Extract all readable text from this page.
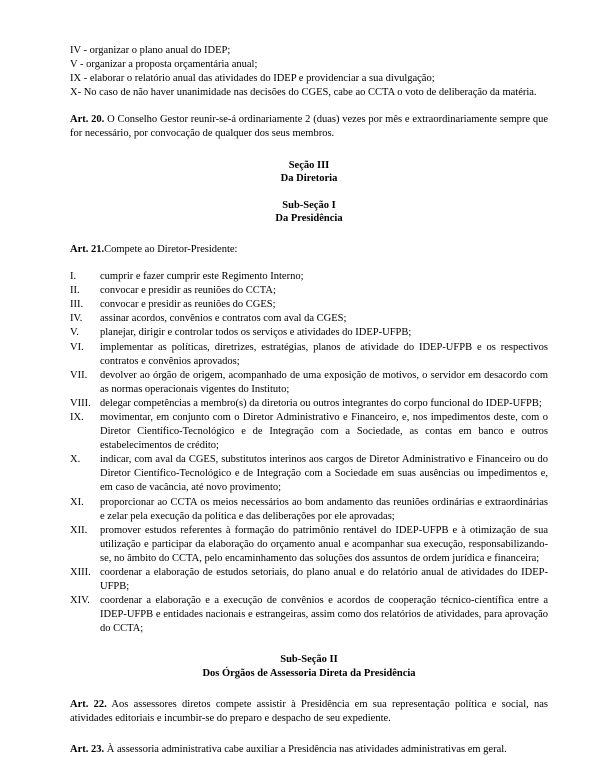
IV - organizar o plano anual do IDEP;

V - organizar a proposta orçamentária anual;

IX - elaborar o relatório anual das atividades do IDEP e providenciar a sua divulgação;

X- No caso de não haver unanimidade nas decisões do CGES, cabe ao CCTA o voto de deliberação da matéria.

Art. 20. O Conselho Gestor reunir-se-á ordinariamente 2 (duas) vezes por mês e extraordinariamente sempre que for necessário, por convocação de qualquer dos seus membros.

Seção III

Da Diretoria

Sub-Seção I

Da Presidência

Art. 21.Compete ao Diretor-Presidente:

I.	cumprir e fazer cumprir este Regimento Interno;
II.	convocar e presidir as reuniões do CCTA;
III.	convocar e presidir as reuniões do CGES;
IV.	assinar acordos, convênios e contratos com aval da CGES;
V.	planejar, dirigir e controlar todos os serviços e atividades do IDEP-UFPB;
VI.	implementar as políticas, diretrizes, estratégias, planos de atividade do IDEP-UFPB e os respectivos contratos e convênios aprovados;
VII.	devolver ao órgão de origem, acompanhado de uma exposição de motivos, o servidor em desacordo com as normas operacionais vigentes do Instituto;
VIII. delegar competências a membro(s) da diretoria ou outros integrantes do corpo funcional do IDEP-UFPB;
IX.	movimentar, em conjunto com o Diretor Administrativo e Financeiro, e, nos impedimentos deste, com o Diretor Científico-Tecnológico e de Integração com a Sociedade, as contas em banco e outros estabelecimentos de crédito;
X.	indicar, com aval da CGES, substitutos interinos aos cargos de Diretor Administrativo e Financeiro ou do Diretor Científico-Tecnológico e de Integração com a Sociedade em suas ausências ou impedimentos e, em caso de vacância, até novo provimento;
XI.	proporcionar ao CCTA os meios necessários ao bom andamento das reuniões ordinárias e extraordinárias e zelar pela execução da política e das deliberações por ele aprovadas;
XII.	promover estudos referentes à formação do patrimônio rentável do IDEP-UFPB e à otimização de sua utilização e participar da elaboração do orçamento anual e acompanhar sua execução, responsabilizando-se, no âmbito do CCTA, pelo encaminhamento das soluções dos assuntos de ordem jurídica e financeira;
XIII. coordenar a elaboração de estudos setoriais, do plano anual e do relatório anual de atividades do IDEP-UFPB;
XIV. coordenar a elaboração e a execução de convênios e acordos de cooperação técnico-científica entre a IDEP-UFPB e entidades nacionais e estrangeiras, assim como dos relatórios de atividades, para aprovação do CCTA;

Sub-Seção II

Dos Órgãos de Assessoria Direta da Presidência

Art. 22. Aos assessores diretos compete assistir à Presidência em sua representação política e social, nas atividades editoriais e incumbir-se do preparo e despacho de seu expediente.

Art. 23. À assessoria administrativa cabe auxiliar a Presidência nas atividades administrativas em geral.
